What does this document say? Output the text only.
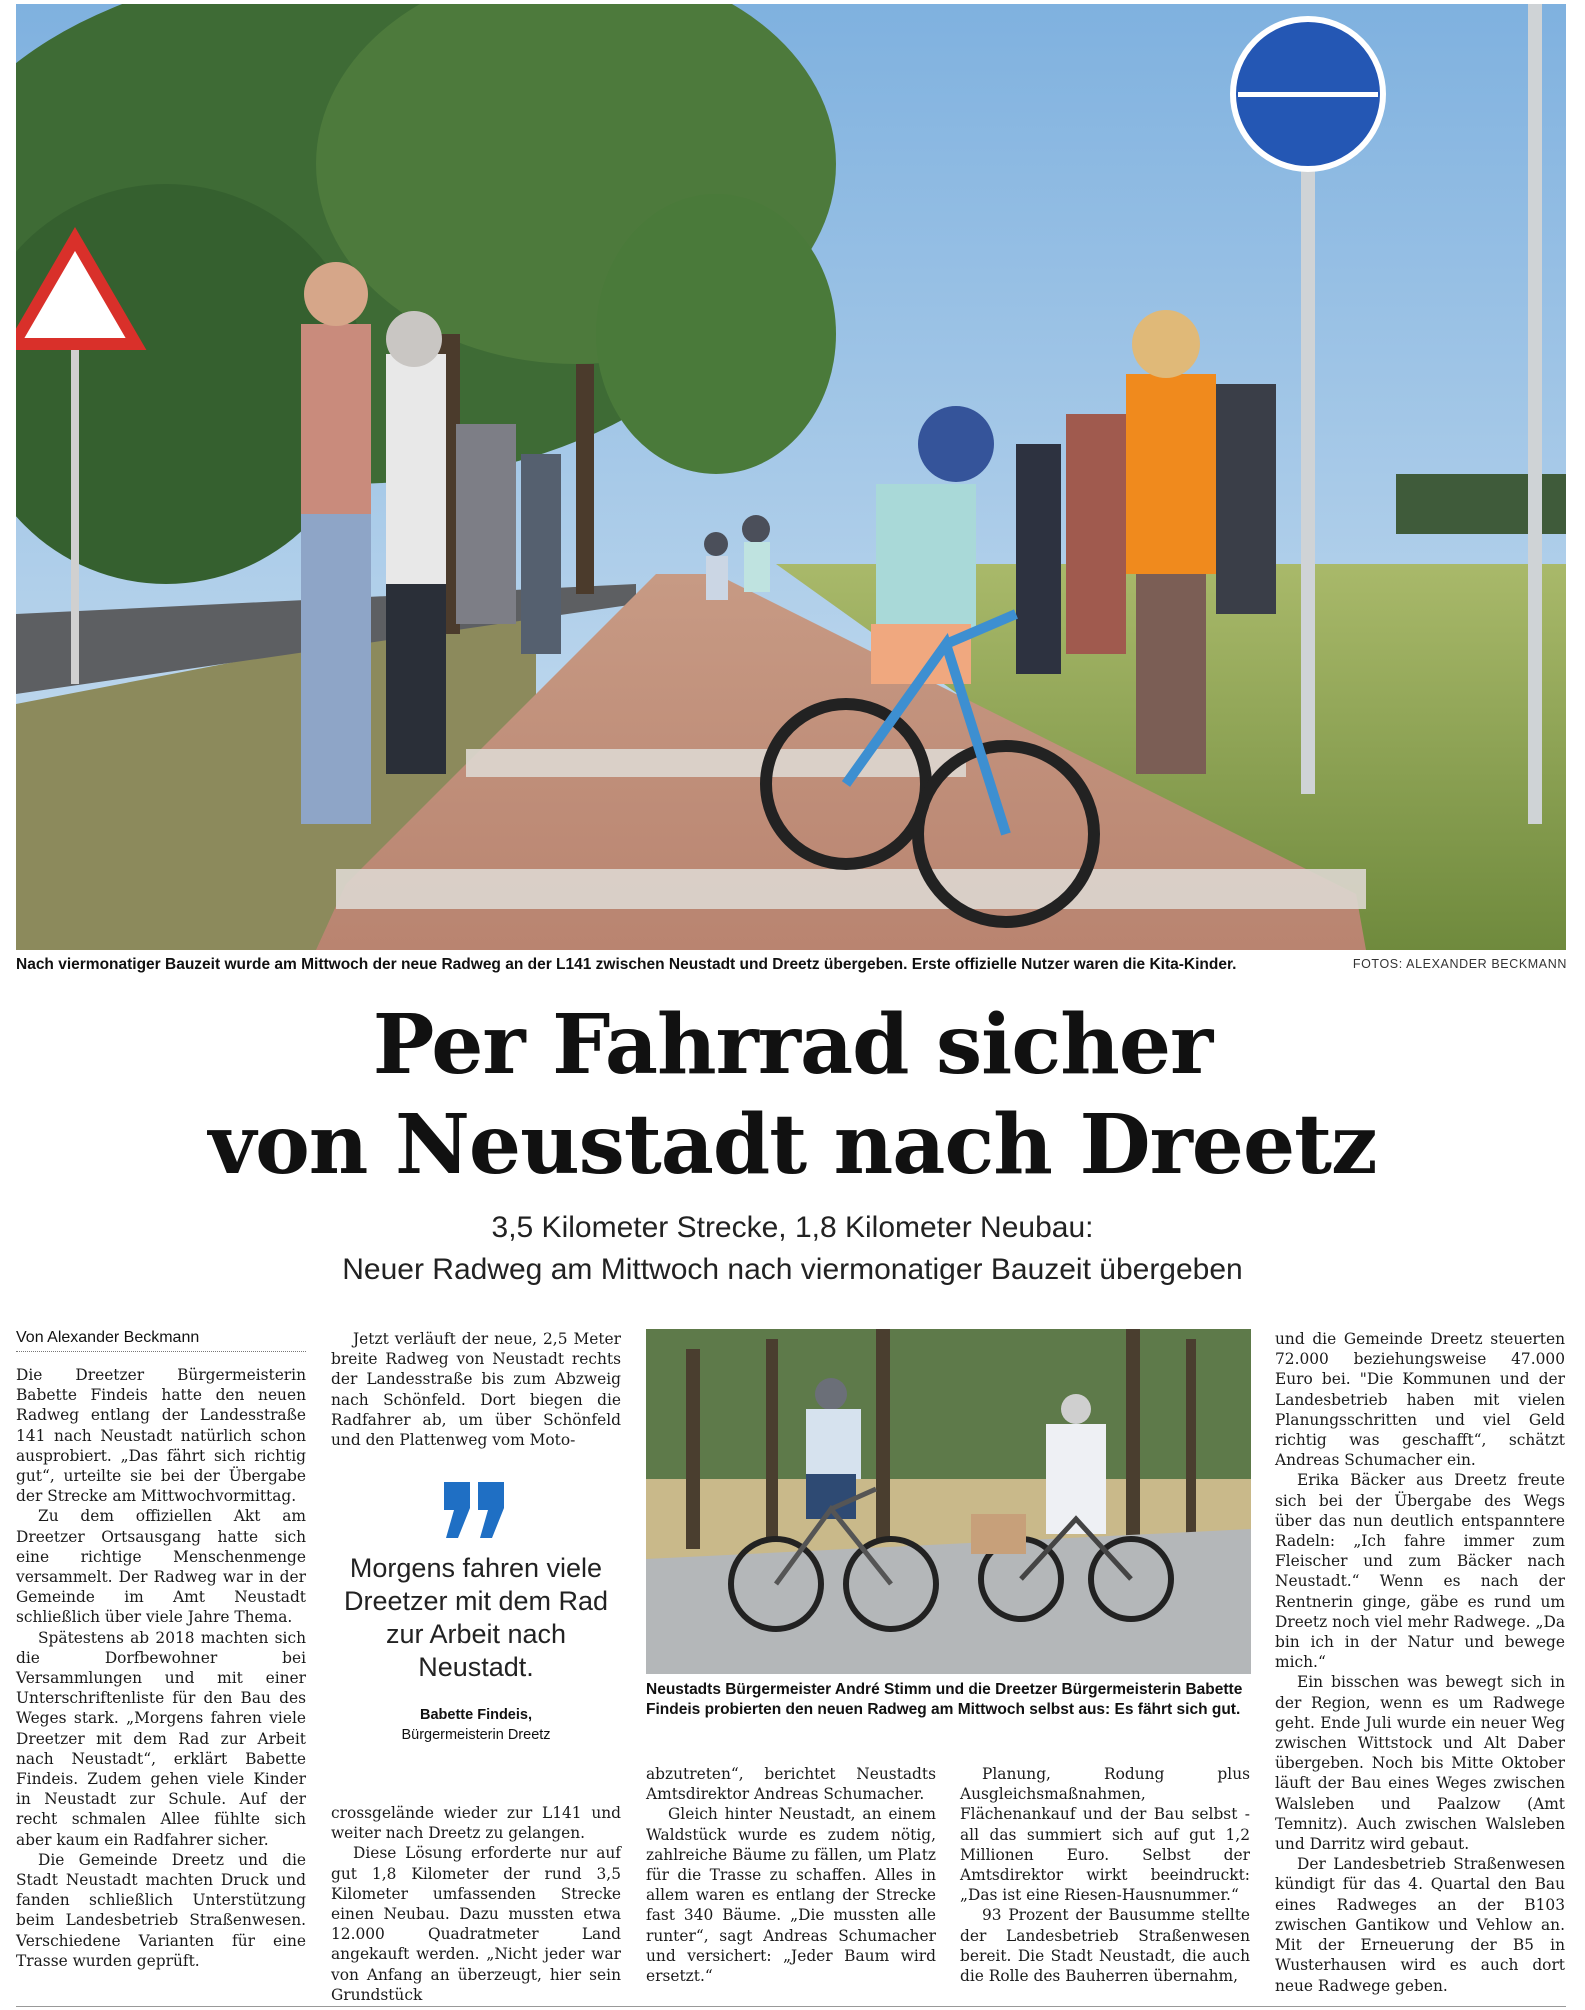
Nach viermonatiger Bauzeit wurde am Mittwoch der neue Radweg an der L141 zwischen Neustadt und Dreetz übergeben. Erste offizielle Nutzer waren die Kita-Kinder.	FOTOS: ALEXANDER BECKMANN
Per Fahrrad sicher
von Neustadt nach Dreetz
3,5 Kilometer Strecke, 1,8 Kilometer Neubau:
Neuer Radweg am Mittwoch nach viermonatiger Bauzeit übergeben
Von Alexander Beckmann

Die Dreetzer Bürgermeisterin Babette Findeis hatte den neuen Radweg entlang der Landesstraße 141 nach Neustadt natürlich schon ausprobiert. „Das fährt sich richtig gut“, urteilte sie bei der Übergabe der Strecke am Mittwochvormittag.

Zu dem offiziellen Akt am Dreetzer Ortsausgang hatte sich eine richtige Menschenmenge versammelt. Der Radweg war in der Gemeinde im Amt Neustadt schließlich über viele Jahre Thema.

Spätestens ab 2018 machten sich die Dorfbewohner bei Versammlungen und mit einer Unterschriftenliste für den Bau des Weges stark. „Morgens fahren viele Dreetzer mit dem Rad zur Arbeit nach Neustadt“, erklärt Babette Findeis. Zudem gehen viele Kinder in Neustadt zur Schule. Auf der recht schmalen Allee fühlte sich aber kaum ein Radfahrer sicher.

Die Gemeinde Dreetz und die Stadt Neustadt machten Druck und fanden schließlich Unterstützung beim Landesbetrieb Straßenwesen. Verschiedene Varianten für eine Trasse wurden geprüft.

Jetzt verläuft der neue, 2,5 Meter breite Radweg von Neustadt rechts der Landesstraße bis zum Abzweig nach Schönfeld. Dort biegen die Radfahrer ab, um über Schönfeld und den Plattenweg vom Moto-

Morgens fahren viele Dreetzer mit dem Rad zur Arbeit nach Neustadt.
Babette Findeis,
Bürgermeisterin Dreetz

crossgelände wieder zur L141 und weiter nach Dreetz zu gelangen.

Diese Lösung erforderte nur auf gut 1,8 Kilometer der rund 3,5 Kilometer umfassenden Strecke einen Neubau. Dazu mussten etwa 12.000 Quadratmeter Land angekauft werden. „Nicht jeder war von Anfang an überzeugt, hier sein Grundstück

Neustadts Bürgermeister André Stimm und die Dreetzer Bürgermeisterin Babette Findeis probierten den neuen Radweg am Mittwoch selbst aus: Es fährt sich gut.

abzutreten“, berichtet Neustadts Amtsdirektor Andreas Schumacher.

Gleich hinter Neustadt, an einem Waldstück wurde es zudem nötig, zahlreiche Bäume zu fällen, um Platz für die Trasse zu schaffen. Alles in allem waren es entlang der Strecke fast 340 Bäume. „Die mussten alle runter“, sagt Andreas Schumacher und versichert: „Jeder Baum wird ersetzt.“

Planung, Rodung plus Ausgleichsmaßnahmen, Flächenankauf und der Bau selbst - all das summiert sich auf gut 1,2 Millionen Euro. Selbst der Amtsdirektor wirkt beeindruckt: „Das ist eine Riesen-Hausnummer.“

93 Prozent der Bausumme stellte der Landesbetrieb Straßenwesen bereit. Die Stadt Neustadt, die auch die Rolle des Bauherren übernahm,

und die Gemeinde Dreetz steuerten 72.000 beziehungsweise 47.000 Euro bei. "Die Kommunen und der Landesbetrieb haben mit vielen Planungsschritten und viel Geld richtig was geschafft“, schätzt Andreas Schumacher ein.

Erika Bäcker aus Dreetz freute sich bei der Übergabe des Wegs über das nun deutlich entspanntere Radeln: „Ich fahre immer zum Fleischer und zum Bäcker nach Neustadt.“ Wenn es nach der Rentnerin ginge, gäbe es rund um Dreetz noch viel mehr Radwege. „Da bin ich in der Natur und bewege mich.“

Ein bisschen was bewegt sich in der Region, wenn es um Radwege geht. Ende Juli wurde ein neuer Weg zwischen Wittstock und Alt Daber übergeben. Noch bis Mitte Oktober läuft der Bau eines Weges zwischen Walsleben und Paalzow (Amt Temnitz). Auch zwischen Walsleben und Darritz wird gebaut.

Der Landesbetrieb Straßenwesen kündigt für das 4. Quartal den Bau eines Radweges an der B103 zwischen Gantikow und Vehlow an. Mit der Erneuerung der B5 in Wusterhausen wird es auch dort neue Radwege geben.
